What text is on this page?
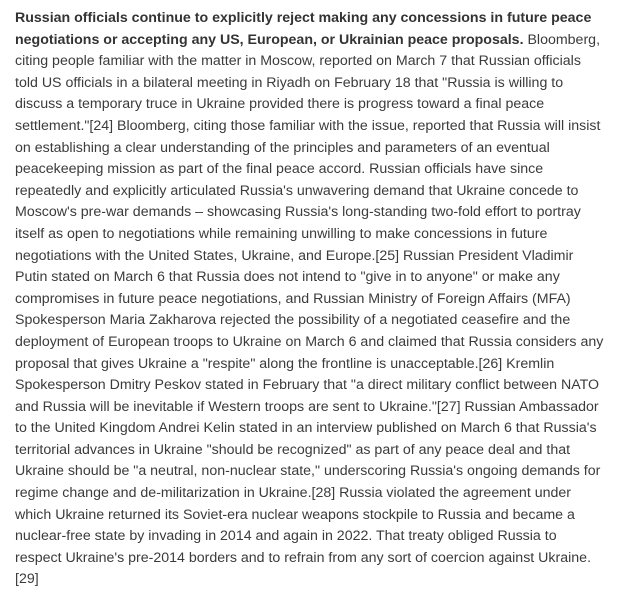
Russian officials continue to explicitly reject making any concessions in future peace negotiations or accepting any US, European, or Ukrainian peace proposals. Bloomberg, citing people familiar with the matter in Moscow, reported on March 7 that Russian officials told US officials in a bilateral meeting in Riyadh on February 18 that "Russia is willing to discuss a temporary truce in Ukraine provided there is progress toward a final peace settlement."[24] Bloomberg, citing those familiar with the issue, reported that Russia will insist on establishing a clear understanding of the principles and parameters of an eventual peacekeeping mission as part of the final peace accord. Russian officials have since repeatedly and explicitly articulated Russia's unwavering demand that Ukraine concede to Moscow's pre-war demands – showcasing Russia's long-standing two-fold effort to portray itself as open to negotiations while remaining unwilling to make concessions in future negotiations with the United States, Ukraine, and Europe.[25] Russian President Vladimir Putin stated on March 6 that Russia does not intend to "give in to anyone" or make any compromises in future peace negotiations, and Russian Ministry of Foreign Affairs (MFA) Spokesperson Maria Zakharova rejected the possibility of a negotiated ceasefire and the deployment of European troops to Ukraine on March 6 and claimed that Russia considers any proposal that gives Ukraine a "respite" along the frontline is unacceptable.[26] Kremlin Spokesperson Dmitry Peskov stated in February that "a direct military conflict between NATO and Russia will be inevitable if Western troops are sent to Ukraine."[27] Russian Ambassador to the United Kingdom Andrei Kelin stated in an interview published on March 6 that Russia's territorial advances in Ukraine "should be recognized" as part of any peace deal and that Ukraine should be "a neutral, non-nuclear state," underscoring Russia's ongoing demands for regime change and de-militarization in Ukraine.[28] Russia violated the agreement under which Ukraine returned its Soviet-era nuclear weapons stockpile to Russia and became a nuclear-free state by invading in 2014 and again in 2022. That treaty obliged Russia to respect Ukraine's pre-2014 borders and to refrain from any sort of coercion against Ukraine.[29]
